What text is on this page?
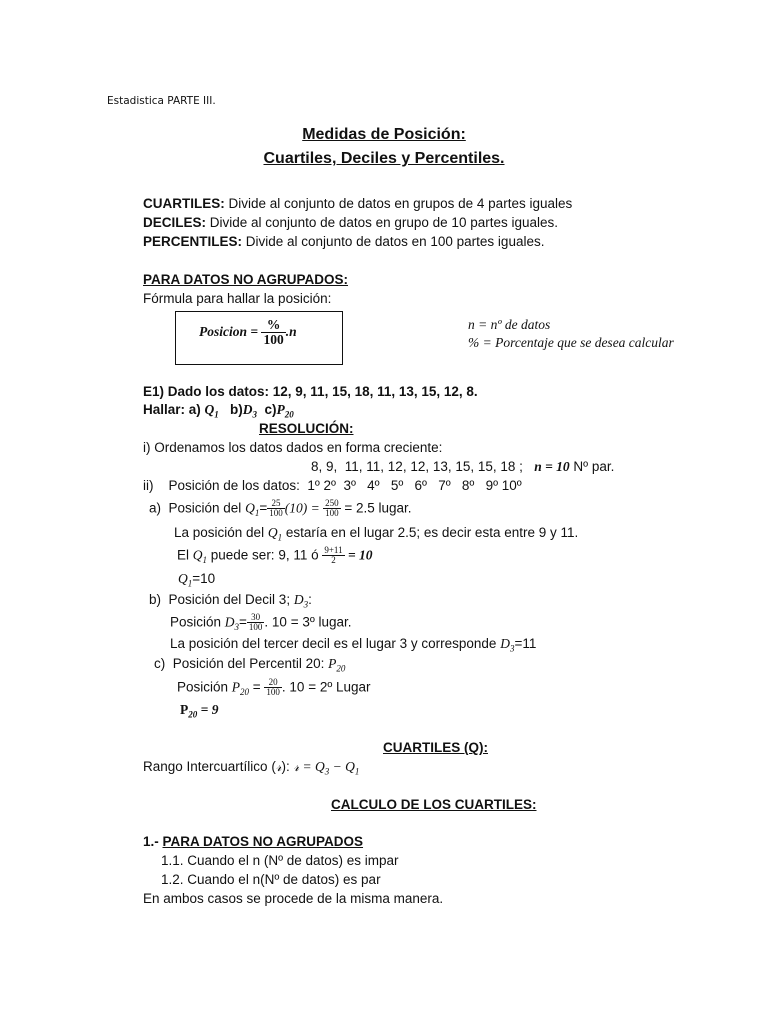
Estadistica PARTE III.
Medidas de Posición:
Cuartiles, Deciles y Percentiles.
CUARTILES: Divide al conjunto de datos en grupos de 4 partes iguales
DECILES: Divide al conjunto de datos en grupo de 10 partes iguales.
PERCENTILES: Divide al conjunto de datos en 100 partes iguales.
PARA DATOS NO AGRUPADOS:
Fórmula para hallar la posición:
Posicion = $\frac{\%}{100} .n$	n = nº de datos
% = Porcentaje que se desea calcular
E1) Dado los datos: 12, 9, 11, 15, 18, 11, 13, 15, 12, 8.
Hallar: a) $Q_1$   $b)D_3$  $c)P_{20}$
RESOLUCIÓN:
i) Ordenamos los datos dados en forma creciente:
8, 9,  11, 11, 12, 12, 13, 15, 15, 18 ; n = 10 Nº par.
ii)    Posición de los datos:  1º 2º  3º   4º   5º   6º   7º   8º   9º 10º
a)  Posición del $Q_1= \frac{25}{100} (10) = \frac{250}{100} = 2.5$ lugar.
La posición del $Q_1$ estaría en el lugar 2.5; es decir esta entre 9 y 11.
El $Q_1$ puede ser: 9, 11 ó $\frac{9+11}{2} = 10$
$Q_1=10$
b)  Posición del Decil 3; $D_3$:
Posición $D_3= \frac{30}{100}$ . 10 = 3º lugar.
La posición del tercer decil es el lugar 3 y corresponde $D_3=11$
c)  Posición del Percentil 20: $P_{20}$
Posición $P_{20} = \frac{20}{100}$ . 10 = 2º Lugar
$P_{20} = 9$
CUARTILES (Q):
Rango Intercuartílico (𝓇): 𝓇 = $Q_3 - Q_1$
CALCULO DE LOS CUARTILES:
1.- PARA DATOS NO AGRUPADOS
1.1. Cuando el n (Nº de datos) es impar
1.2. Cuando el n(Nº de datos) es par
En ambos casos se procede de la misma manera.
